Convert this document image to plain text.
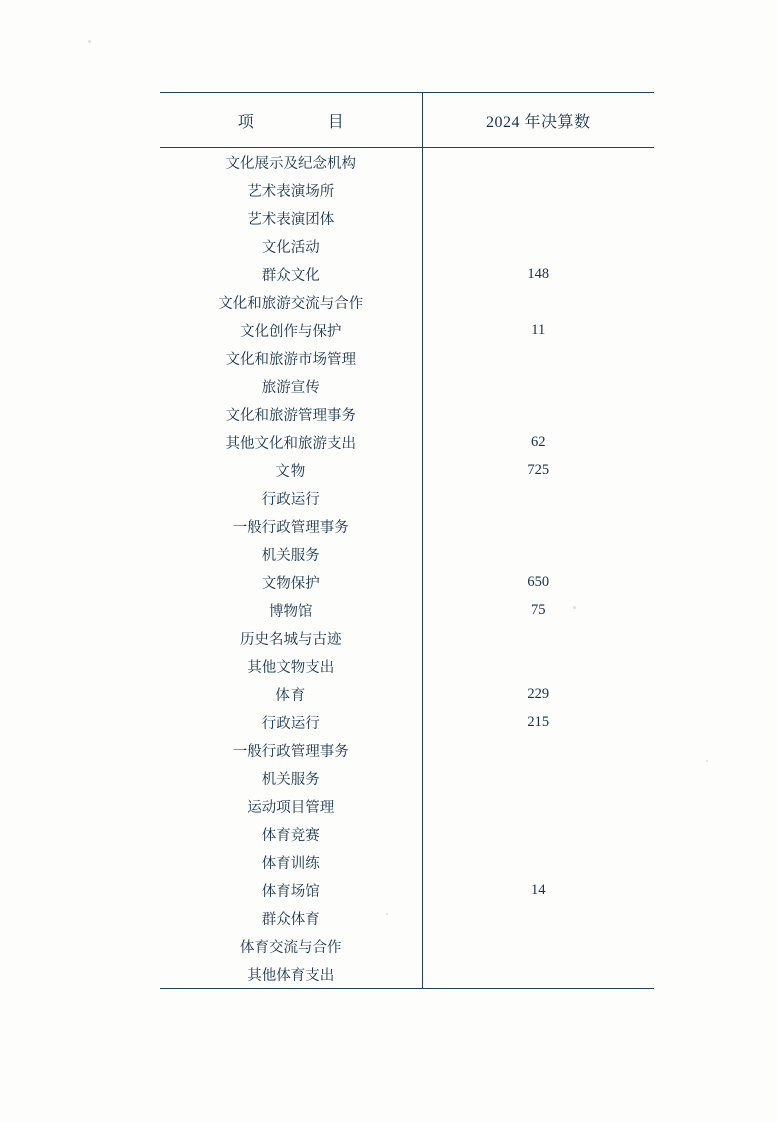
项　　目	2024 年决算数
文化展示及纪念机构	
艺术表演场所	
艺术表演团体	
文化活动	
群众文化	148
文化和旅游交流与合作	
文化创作与保护	11
文化和旅游市场管理	
旅游宣传	
文化和旅游管理事务	
其他文化和旅游支出	62
文物	725
行政运行	
一般行政管理事务	
机关服务	
文物保护	650
博物馆	75
历史名城与古迹	
其他文物支出	
体育	229
行政运行	215
一般行政管理事务	
机关服务	
运动项目管理	
体育竞赛	
体育训练	
体育场馆	14
群众体育	
体育交流与合作	
其他体育支出	
